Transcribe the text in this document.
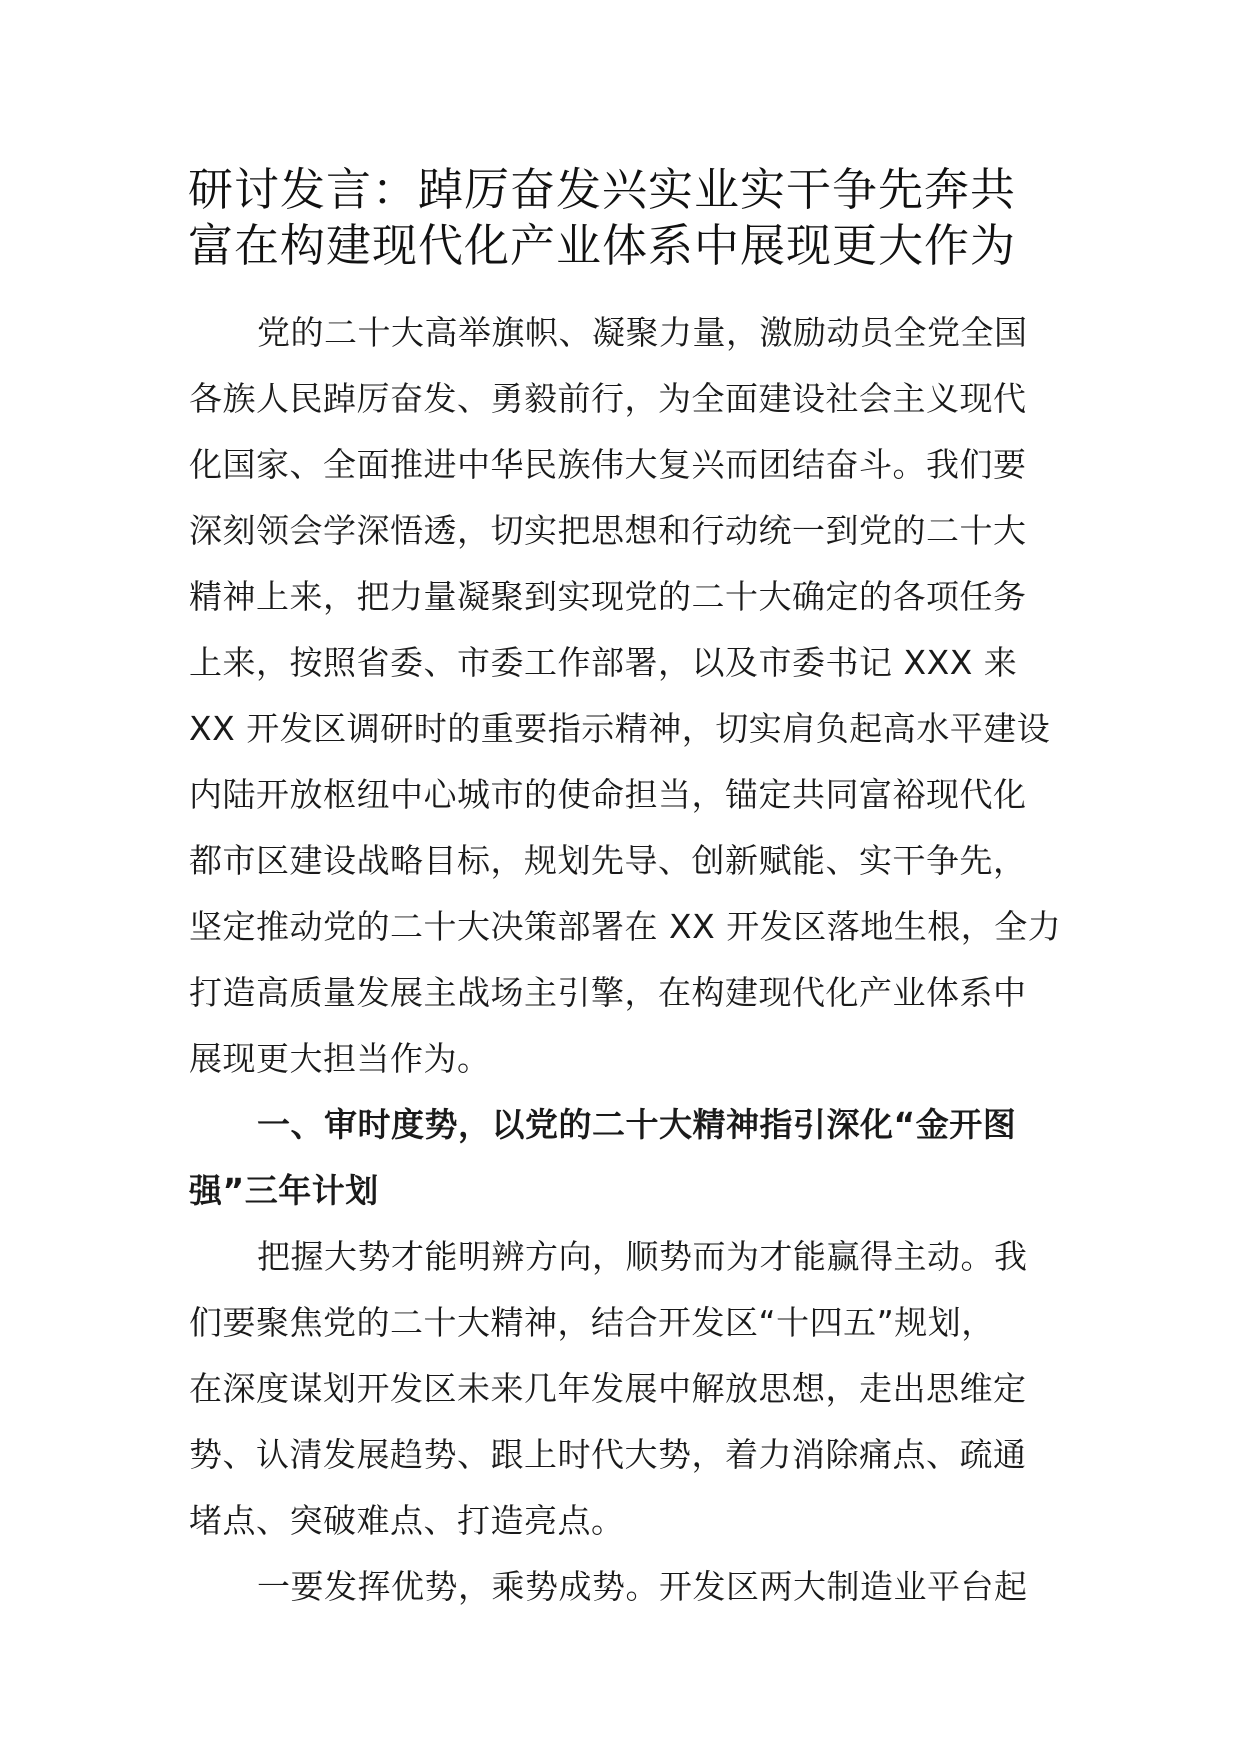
研讨发言：踔厉奋发兴实业实干争先奔共
富在构建现代化产业体系中展现更大作为

党的二十大高举旗帜、凝聚力量，激励动员全党全国
各族人民踔厉奋发、勇毅前行，为全面建设社会主义现代
化国家、全面推进中华民族伟大复兴而团结奋斗。我们要
深刻领会学深悟透，切实把思想和行动统一到党的二十大
精神上来，把力量凝聚到实现党的二十大确定的各项任务
上来，按照省委、市委工作部署，以及市委书记 XXX 来
XX 开发区调研时的重要指示精神，切实肩负起高水平建设
内陆开放枢纽中心城市的使命担当，锚定共同富裕现代化
都市区建设战略目标，规划先导、创新赋能、实干争先，
坚定推动党的二十大决策部署在 XX 开发区落地生根，全力
打造高质量发展主战场主引擎，在构建现代化产业体系中
展现更大担当作为。

一、审时度势，以党的二十大精神指引深化“金开图
强”三年计划

把握大势才能明辨方向，顺势而为才能赢得主动。我
们要聚焦党的二十大精神，结合开发区“十四五”规划，
在深度谋划开发区未来几年发展中解放思想，走出思维定
势、认清发展趋势、跟上时代大势，着力消除痛点、疏通
堵点、突破难点、打造亮点。

一要发挥优势，乘势成势。开发区两大制造业平台起
